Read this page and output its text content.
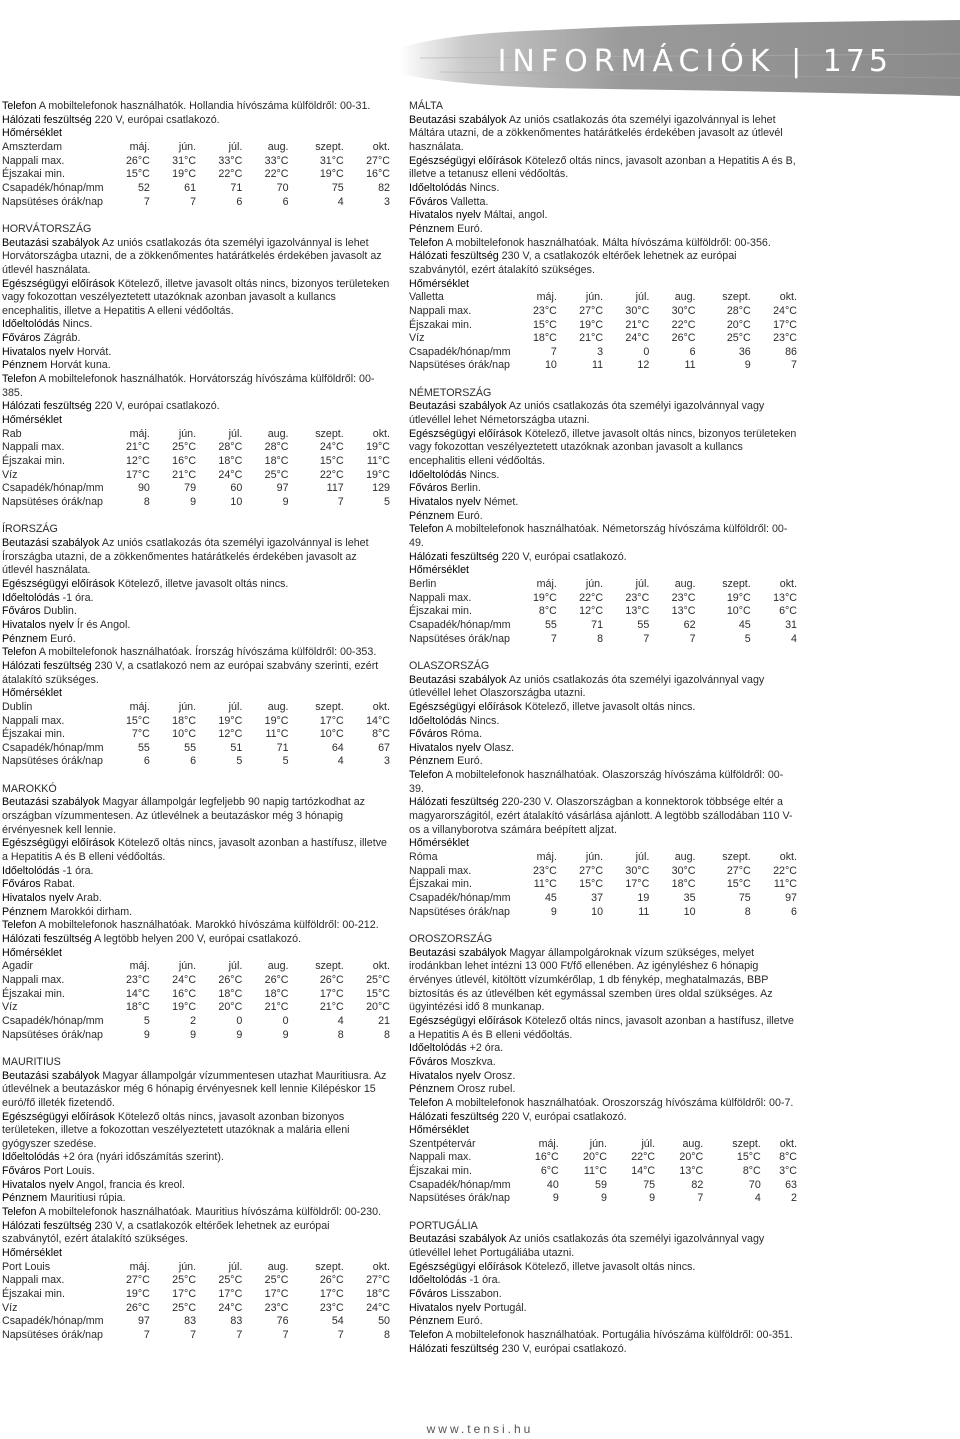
INFORMÁCIÓK | 175
Telefon A mobiltelefonok használhatók. Hollandia hívószáma külföldről: 00-31.
Hálózati feszültség 220 V, európai csatlakozó.
Hőmérséklet
Amszterdam	máj.	jún.	júl.	aug.	szept.	okt.
Nappali max.	26°C	31°C	33°C	33°C	31°C	27°C
Éjszakai min.	15°C	19°C	22°C	22°C	19°C	16°C
Csapadék/hónap/mm	52	61	71	70	75	82
Napsütéses órák/nap	7	7	6	6	4	3
HORVÁTORSZÁG
Beutazási szabályok Az uniós csatlakozás óta személyi igazolvánnyal is lehet Horvátországba utazni, de a zökkenőmentes határátkelés érdekében javasolt az útlevél használata.
Egészségügyi előírások Kötelező, illetve javasolt oltás nincs, bizonyos területeken vagy fokozottan veszélyeztetett utazóknak azonban javasolt a kullancs encephalitis, illetve a Hepatitis A elleni védőoltás.
Időeltolódás Nincs.
Főváros Zágráb.
Hivatalos nyelv Horvát.
Pénznem Horvát kuna.
Telefon A mobiltelefonok használhatók. Horvátország hívószáma külföldről: 00-385.
Hálózati feszültség 220 V, európai csatlakozó.
Hőmérséklet
Rab	máj.	jún.	júl.	aug.	szept.	okt.
Nappali max.	21°C	25°C	28°C	28°C	24°C	19°C
Éjszakai min.	12°C	16°C	18°C	18°C	15°C	11°C
Víz	17°C	21°C	24°C	25°C	22°C	19°C
Csapadék/hónap/mm	90	79	60	97	117	129
Napsütéses órák/nap	8	9	10	9	7	5
ÍRORSZÁG
Beutazási szabályok Az uniós csatlakozás óta személyi igazolvánnyal is lehet Írországba utazni, de a zökkenőmentes határátkelés érdekében javasolt az útlevél használata.
Egészségügyi előírások Kötelező, illetve javasolt oltás nincs.
Időeltolódás -1 óra.
Főváros Dublin.
Hivatalos nyelv Ír és Angol.
Pénznem Euró.
Telefon A mobiltelefonok használhatóak. Írország hívószáma külföldről: 00-353.
Hálózati feszültség 230 V, a csatlakozó nem az európai szabvány szerinti, ezért átalakító szükséges.
Hőmérséklet
Dublin	máj.	jún.	júl.	aug.	szept.	okt.
Nappali max.	15°C	18°C	19°C	19°C	17°C	14°C
Éjszakai min.	7°C	10°C	12°C	11°C	10°C	8°C
Csapadék/hónap/mm	55	55	51	71	64	67
Napsütéses órák/nap	6	6	5	5	4	3
MAROKKÓ
Beutazási szabályok Magyar állampolgár legfeljebb 90 napig tartózkodhat az országban vízummentesen. Az útlevélnek a beutazáskor még 3 hónapig érvényesnek kell lennie.
Egészségügyi előírások Kötelező oltás nincs, javasolt azonban a hastífusz, illetve a Hepatitis A és B elleni védőoltás.
Időeltolódás -1 óra.
Főváros Rabat.
Hivatalos nyelv Arab.
Pénznem Marokkói dirham.
Telefon A mobiltelefonok használhatóak. Marokkó hívószáma külföldről: 00-212.
Hálózati feszültség A legtöbb helyen 200 V, európai csatlakozó.
Hőmérséklet
Agadir	máj.	jún.	júl.	aug.	szept.	okt.
Nappali max.	23°C	24°C	26°C	26°C	26°C	25°C
Éjszakai min.	14°C	16°C	18°C	18°C	17°C	15°C
Víz	18°C	19°C	20°C	21°C	21°C	20°C
Csapadék/hónap/mm	5	2	0	0	4	21
Napsütéses órák/nap	9	9	9	9	8	8
MAURITIUS
Beutazási szabályok Magyar állampolgár vízummentesen utazhat Mauritiusra. Az útlevélnek a beutazáskor még 6 hónapig érvényesnek kell lennie Kilépéskor 15 euró/fő illeték fizetendő.
Egészségügyi előírások Kötelező oltás nincs, javasolt azonban bizonyos területeken, illetve a fokozottan veszélyeztetett utazóknak a malária elleni gyógyszer szedése.
Időeltolódás +2 óra (nyári időszámítás szerint).
Főváros Port Louis.
Hivatalos nyelv Angol, francia és kreol.
Pénznem Mauritiusi rúpia.
Telefon A mobiltelefonok használhatóak. Mauritius hívószáma külföldről: 00-230.
Hálózati feszültség 230 V, a csatlakozók eltérőek lehetnek az európai szabványtól, ezért átalakító szükséges.
Hőmérséklet
Port Louis	máj.	jún.	júl.	aug.	szept.	okt.
Nappali max.	27°C	25°C	25°C	25°C	26°C	27°C
Éjszakai min.	19°C	17°C	17°C	17°C	17°C	18°C
Víz	26°C	25°C	24°C	23°C	23°C	24°C
Csapadék/hónap/mm	97	83	83	76	54	50
Napsütéses órák/nap	7	7	7	7	7	8
MÁLTA
Beutazási szabályok Az uniós csatlakozás óta személyi igazolvánnyal is lehet Máltára utazni, de a zökkenőmentes határátkelés érdekében javasolt az útlevél használata.
Egészségügyi előírások Kötelező oltás nincs, javasolt azonban a Hepatitis A és B, illetve a tetanusz elleni védőoltás.
Időeltolódás Nincs.
Főváros Valletta.
Hivatalos nyelv Máltai, angol.
Pénznem Euró.
Telefon A mobiltelefonok használhatóak. Málta hívószáma külföldről: 00-356.
Hálózati feszültség 230 V, a csatlakozók eltérőek lehetnek az európai szabványtól, ezért átalakító szükséges.
Hőmérséklet
Valletta	máj.	jún.	júl.	aug.	szept.	okt.
Nappali max.	23°C	27°C	30°C	30°C	28°C	24°C
Éjszakai min.	15°C	19°C	21°C	22°C	20°C	17°C
Víz	18°C	21°C	24°C	26°C	25°C	23°C
Csapadék/hónap/mm	7	3	0	6	36	86
Napsütéses órák/nap	10	11	12	11	9	7
NÉMETORSZÁG
Beutazási szabályok Az uniós csatlakozás óta személyi igazolvánnyal vagy útlevéllel lehet Németországba utazni.
Egészségügyi előírások Kötelező, illetve javasolt oltás nincs, bizonyos területeken vagy fokozottan veszélyeztetett utazóknak azonban javasolt a kullancs encephalitis elleni védőoltás.
Időeltolódás Nincs.
Főváros Berlin.
Hivatalos nyelv Német.
Pénznem Euró.
Telefon A mobiltelefonok használhatóak. Németország hívószáma külföldről: 00-49.
Hálózati feszültség 220 V, európai csatlakozó.
Hőmérséklet
Berlin	máj.	jún.	júl.	aug.	szept.	okt.
Nappali max.	19°C	22°C	23°C	23°C	19°C	13°C
Éjszakai min.	8°C	12°C	13°C	13°C	10°C	6°C
Csapadék/hónap/mm	55	71	55	62	45	31
Napsütéses órák/nap	7	8	7	7	5	4
OLASZORSZÁG
Beutazási szabályok Az uniós csatlakozás óta személyi igazolvánnyal vagy útlevéllel lehet Olaszországba utazni.
Egészségügyi előírások Kötelező, illetve javasolt oltás nincs.
Időeltolódás Nincs.
Főváros Róma.
Hivatalos nyelv Olasz.
Pénznem Euró.
Telefon A mobiltelefonok használhatóak. Olaszország hívószáma külföldről: 00-39.
Hálózati feszültség 220-230 V. Olaszországban a konnektorok többsége eltér a magyarországitól, ezért átalakító vásárlása ajánlott. A legtöbb szállodában 110 V-os a villanyborotva számára beépített aljzat.
Hőmérséklet
Róma	máj.	jún.	júl.	aug.	szept.	okt.
Nappali max.	23°C	27°C	30°C	30°C	27°C	22°C
Éjszakai min.	11°C	15°C	17°C	18°C	15°C	11°C
Csapadék/hónap/mm	45	37	19	35	75	97
Napsütéses órák/nap	9	10	11	10	8	6
OROSZORSZÁG
Beutazási szabályok Magyar állampolgároknak vízum szükséges, melyet irodánkban lehet intézni 13 000 Ft/fő ellenében. Az igényléshez 6 hónapig érvényes útlevél, kitöltött vízumkérőlap, 1 db fénykép, meghatalmazás, BBP biztosítás és az útlevélben két egymással szemben üres oldal szükséges. Az ügyintézési idő 8 munkanap.
Egészségügyi előírások Kötelező oltás nincs, javasolt azonban a hastífusz, illetve a Hepatitis A és B elleni védőoltás.
Időeltolódás +2 óra.
Főváros Moszkva.
Hivatalos nyelv Orosz.
Pénznem Orosz rubel.
Telefon A mobiltelefonok használhatóak. Oroszország hívószáma külföldről: 00-7.
Hálózati feszültség 220 V, európai csatlakozó.
Hőmérséklet
Szentpétervár	máj.	jún.	júl.	aug.	szept.	okt.
Nappali max.	16°C	20°C	22°C	20°C	15°C	8°C
Éjszakai min.	6°C	11°C	14°C	13°C	8°C	3°C
Csapadék/hónap/mm	40	59	75	82	70	63
Napsütéses órák/nap	9	9	9	7	4	2
PORTUGÁLIA
Beutazási szabályok Az uniós csatlakozás óta személyi igazolvánnyal vagy útlevéllel lehet Portugáliába utazni.
Egészségügyi előírások Kötelező, illetve javasolt oltás nincs.
Időeltolódás -1 óra.
Főváros Lisszabon.
Hivatalos nyelv Portugál.
Pénznem Euró.
Telefon A mobiltelefonok használhatóak. Portugália hívószáma külföldről: 00-351.
Hálózati feszültség 230 V, európai csatlakozó.
www.tensi.hu
